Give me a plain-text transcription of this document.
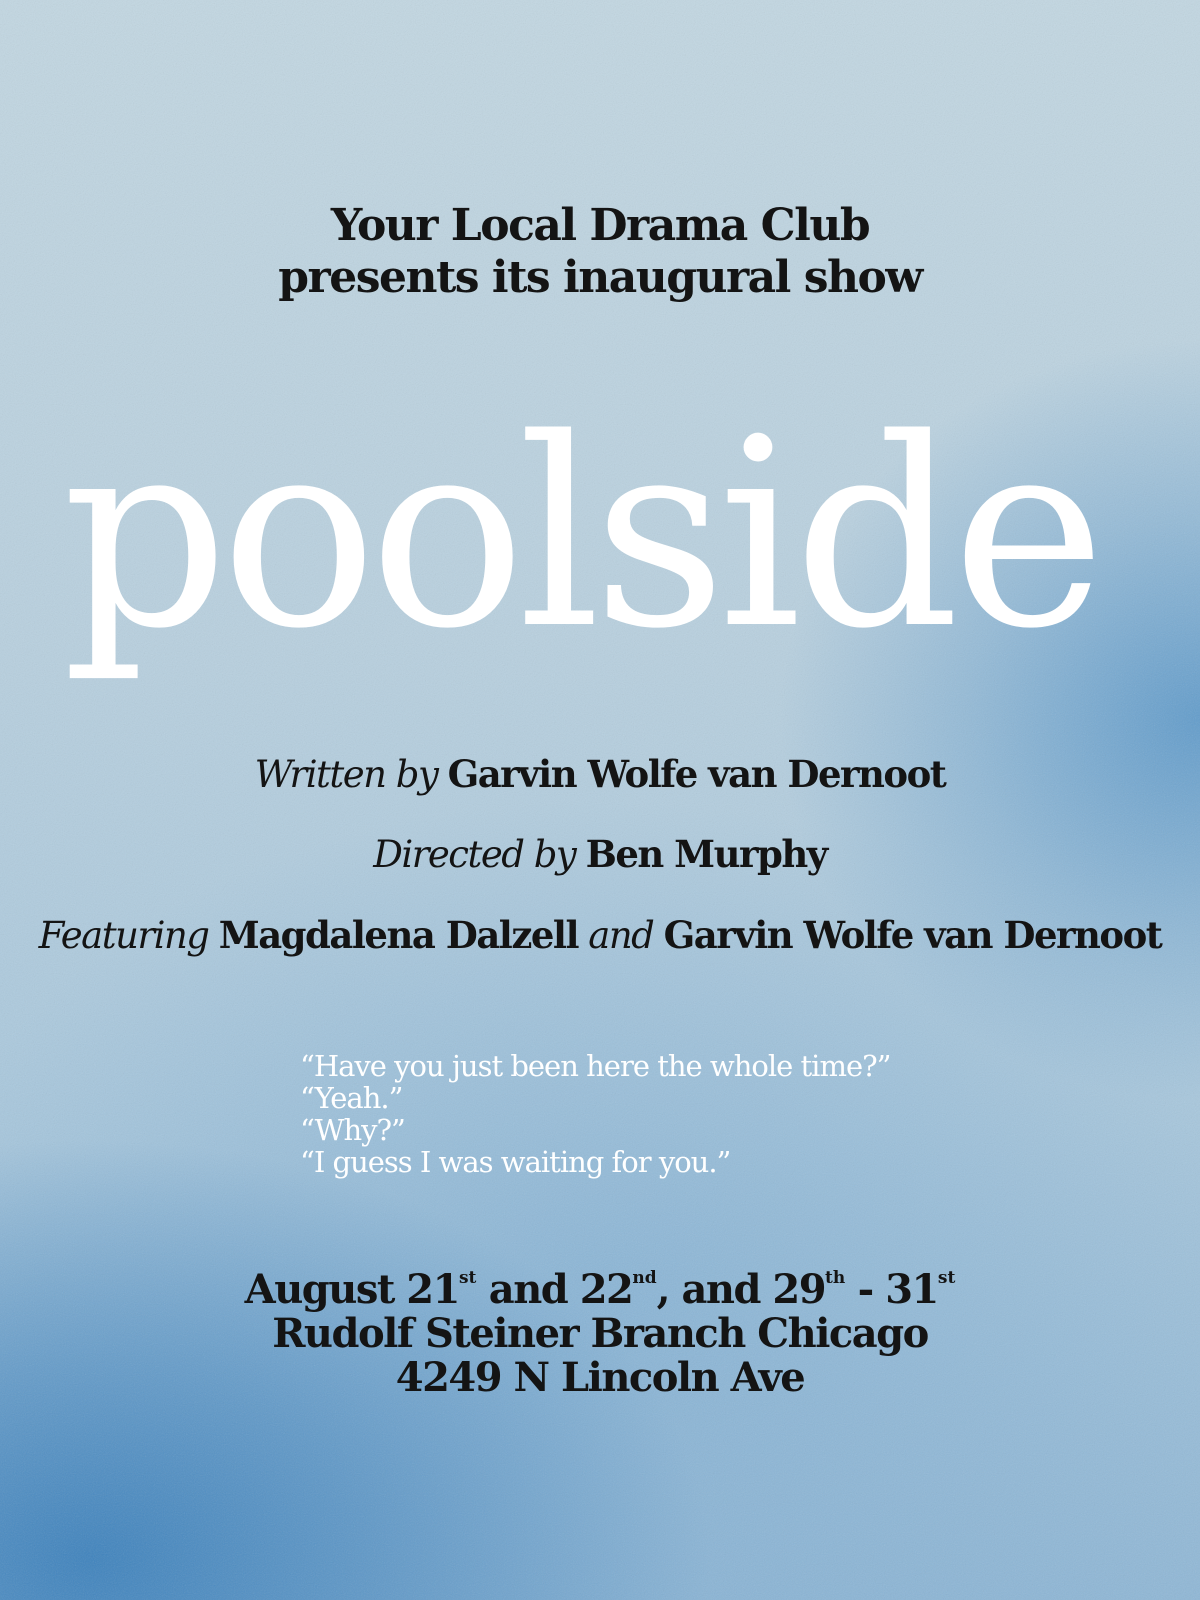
Your Local Drama Club
presents its inaugural show
poolside
Written by Garvin Wolfe van Dernoot
Directed by Ben Murphy
Featuring Magdalena Dalzell and Garvin Wolfe van Dernoot
“Have you just been here the whole time?”
“Yeah.”
“Why?”
“I guess I was waiting for you.”
August 21st and 22nd, and 29th - 31st
Rudolf Steiner Branch Chicago
4249 N Lincoln Ave
